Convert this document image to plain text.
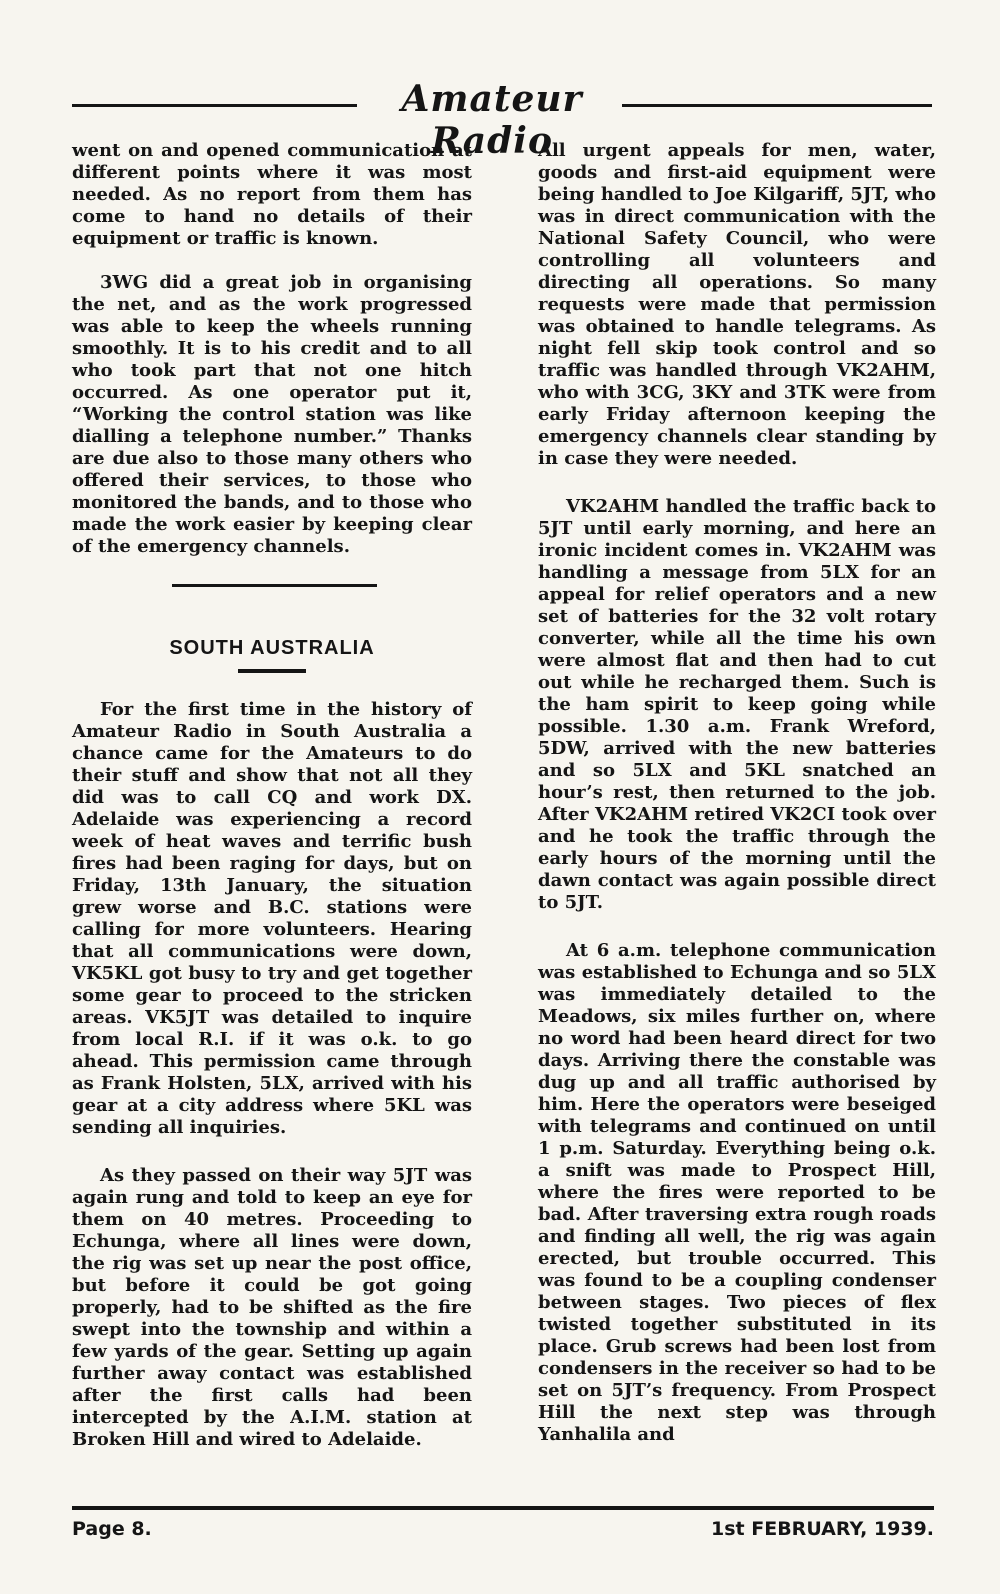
Amateur Radio

went on and opened communication at different points where it was most needed. As no report from them has come to hand no details of their equipment or traffic is known.

3WG did a great job in organising the net, and as the work progressed was able to keep the wheels running smoothly. It is to his credit and to all who took part that not one hitch occurred. As one operator put it, “Working the control station was like dialling a telephone number.” Thanks are due also to those many others who offered their services, to those who monitored the bands, and to those who made the work easier by keeping clear of the emergency channels.

SOUTH AUSTRALIA

For the first time in the history of Amateur Radio in South Australia a chance came for the Amateurs to do their stuff and show that not all they did was to call CQ and work DX. Adelaide was experiencing a record week of heat waves and terrific bush fires had been raging for days, but on Friday, 13th January, the situation grew worse and B.C. stations were calling for more volunteers. Hearing that all communications were down, VK5KL got busy to try and get together some gear to proceed to the stricken areas. VK5JT was detailed to inquire from local R.I. if it was o.k. to go ahead. This permission came through as Frank Holsten, 5LX, arrived with his gear at a city address where 5KL was sending all inquiries.

As they passed on their way 5JT was again rung and told to keep an eye for them on 40 metres. Proceeding to Echunga, where all lines were down, the rig was set up near the post office, but before it could be got going properly, had to be shifted as the fire swept into the township and within a few yards of the gear. Setting up again further away contact was established after the first calls had been intercepted by the A.I.M. station at Broken Hill and wired to Adelaide.

All urgent appeals for men, water, goods and first-aid equipment were being handled to Joe Kilgariff, 5JT, who was in direct communication with the National Safety Council, who were controlling all volunteers and directing all operations. So many requests were made that permission was obtained to handle telegrams. As night fell skip took control and so traffic was handled through VK2AHM, who with 3CG, 3KY and 3TK were from early Friday afternoon keeping the emergency channels clear standing by in case they were needed.

VK2AHM handled the traffic back to 5JT until early morning, and here an ironic incident comes in. VK2AHM was handling a message from 5LX for an appeal for relief operators and a new set of batteries for the 32 volt rotary converter, while all the time his own were almost flat and then had to cut out while he recharged them. Such is the ham spirit to keep going while possible. 1.30 a.m. Frank Wreford, 5DW, arrived with the new batteries and so 5LX and 5KL snatched an hour’s rest, then returned to the job. After VK2AHM retired VK2CI took over and he took the traffic through the early hours of the morning until the dawn contact was again possible direct to 5JT.

At 6 a.m. telephone communication was established to Echunga and so 5LX was immediately detailed to the Meadows, six miles further on, where no word had been heard direct for two days. Arriving there the constable was dug up and all traffic authorised by him. Here the operators were beseiged with telegrams and continued on until 1 p.m. Saturday. Everything being o.k. a snift was made to Prospect Hill, where the fires were reported to be bad. After traversing extra rough roads and finding all well, the rig was again erected, but trouble occurred. This was found to be a coupling condenser between stages. Two pieces of flex twisted together substituted in its place. Grub screws had been lost from condensers in the receiver so had to be set on 5JT’s frequency. From Prospect Hill the next step was through Yanhalila and

Page 8.	1st FEBRUARY, 1939.
